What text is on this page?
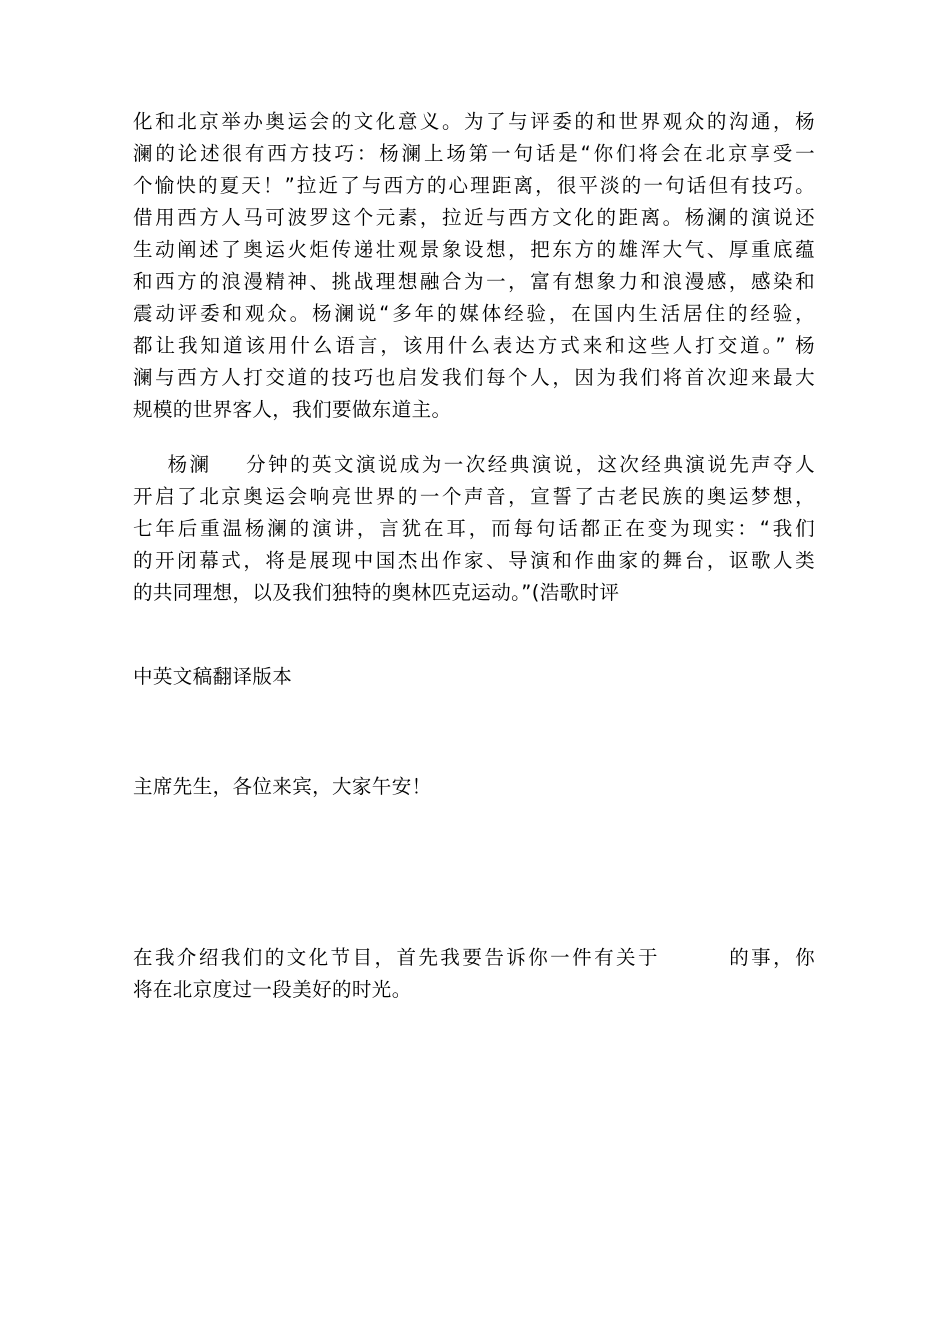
化和北京举办奥运会的文化意义。为了与评委的和世界观众的沟通，杨
澜的论述很有西方技巧：杨澜上场第一句话是“你们将会在北京享受一
个愉快的夏天！”拉近了与西方的心理距离，很平淡的一句话但有技巧。
借用西方人马可波罗这个元素，拉近与西方文化的距离。杨澜的演说还
生动阐述了奥运火炬传递壮观景象设想，把东方的雄浑大气、厚重底蕴
和西方的浪漫精神、挑战理想融合为一，富有想象力和浪漫感，感染和
震动评委和观众。杨澜说“多年的媒体经验，在国内生活居住的经验，
都让我知道该用什么语言，该用什么表达方式来和这些人打交道。” 杨
澜与西方人打交道的技巧也启发我们每个人，因为我们将首次迎来最大
规模的世界客人，我们要做东道主。
杨澜    分钟的英文演说成为一次经典演说，这次经典演说先声夺人
开启了北京奥运会响亮世界的一个声音，宣誓了古老民族的奥运梦想，
七年后重温杨澜的演讲，言犹在耳，而每句话都正在变为现实：“我们
的开闭幕式，将是展现中国杰出作家、导演和作曲家的舞台，讴歌人类
的共同理想，以及我们独特的奥林匹克运动。”(浩歌时评
中英文稿翻译版本
主席先生，各位来宾，大家午安！
在我介绍我们的文化节目，首先我要告诉你一件有关于        的事，你
将在北京度过一段美好的时光。
